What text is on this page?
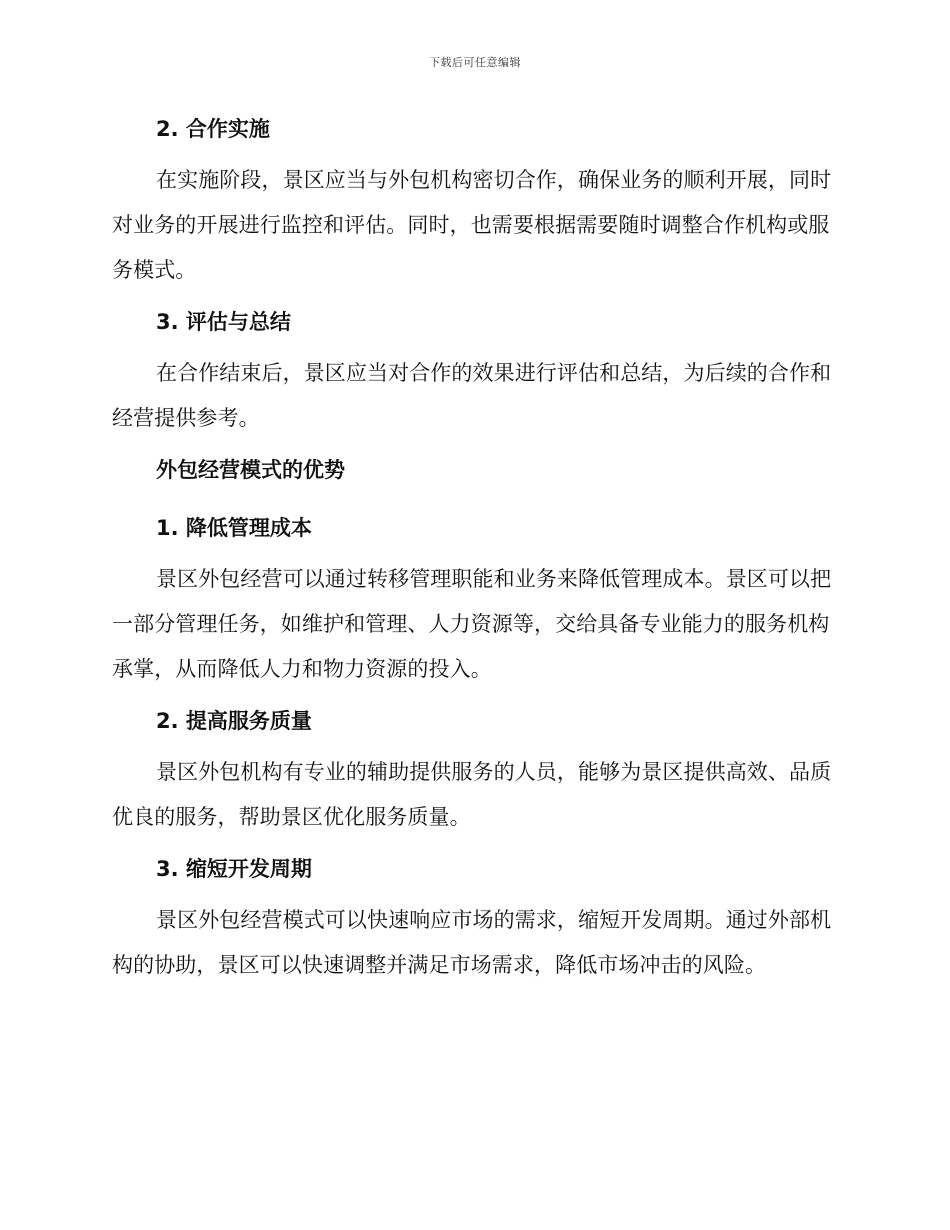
下载后可任意编辑
2. 合作实施

在实施阶段，景区应当与外包机构密切合作，确保业务的顺利开展，同时对业务的开展进行监控和评估。同时，也需要根据需要随时调整合作机构或服务模式。

3. 评估与总结

在合作结束后，景区应当对合作的效果进行评估和总结，为后续的合作和经营提供参考。

外包经营模式的优势
1. 降低管理成本

景区外包经营可以通过转移管理职能和业务来降低管理成本。景区可以把一部分管理任务，如维护和管理、人力资源等，交给具备专业能力的服务机构承掌，从而降低人力和物力资源的投入。

2. 提高服务质量

景区外包机构有专业的辅助提供服务的人员，能够为景区提供高效、品质优良的服务，帮助景区优化服务质量。

3. 缩短开发周期

景区外包经营模式可以快速响应市场的需求，缩短开发周期。通过外部机构的协助，景区可以快速调整并满足市场需求，降低市场冲击的风险。
